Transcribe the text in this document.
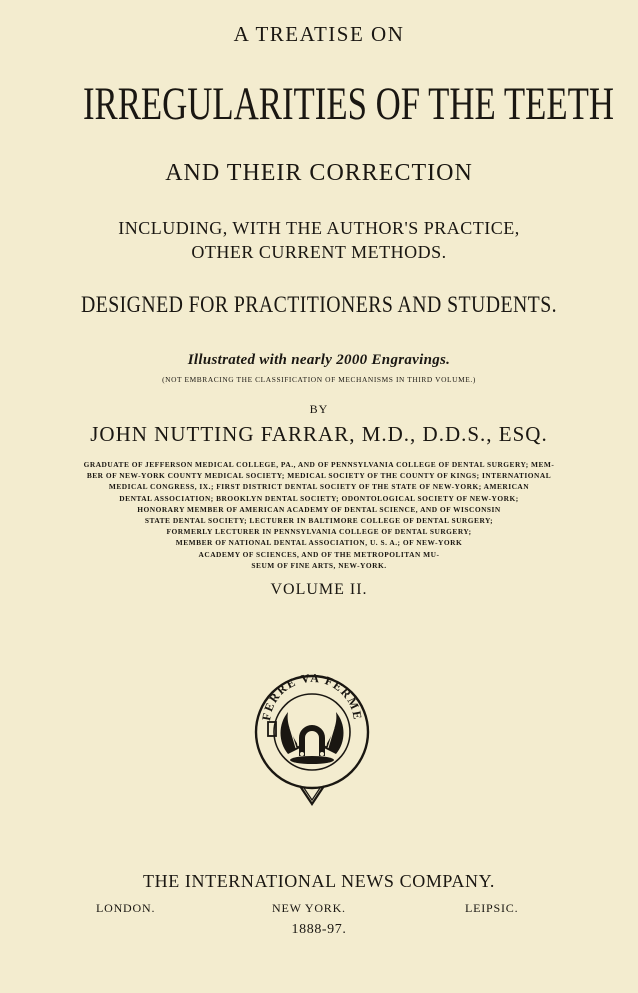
A TREATISE ON
IRREGULARITIES OF THE TEETH
AND THEIR CORRECTION
INCLUDING, WITH THE AUTHOR'S PRACTICE,
OTHER CURRENT METHODS.
DESIGNED FOR PRACTITIONERS AND STUDENTS.
Illustrated with nearly 2000 Engravings.
(NOT EMBRACING THE CLASSIFICATION OF MECHANISMS IN THIRD VOLUME.)
BY
JOHN NUTTING FARRAR, M.D., D.D.S., ESQ.
GRADUATE OF JEFFERSON MEDICAL COLLEGE, PA., AND OF PENNSYLVANIA COLLEGE OF DENTAL SURGERY; MEM-
BER OF NEW-YORK COUNTY MEDICAL SOCIETY; MEDICAL SOCIETY OF THE COUNTY OF KINGS; INTERNATIONAL
MEDICAL CONGRESS, IX.; FIRST DISTRICT DENTAL SOCIETY OF THE STATE OF NEW-YORK; AMERICAN
DENTAL ASSOCIATION; BROOKLYN DENTAL SOCIETY; ODONTOLOGICAL SOCIETY OF NEW-YORK;
HONORARY MEMBER OF AMERICAN ACADEMY OF DENTAL SCIENCE, AND OF WISCONSIN
STATE DENTAL SOCIETY; LECTURER IN BALTIMORE COLLEGE OF DENTAL SURGERY;
FORMERLY LECTURER IN PENNSYLVANIA COLLEGE OF DENTAL SURGERY;
MEMBER OF NATIONAL DENTAL ASSOCIATION, U. S. A.; OF NEW-YORK
ACADEMY OF SCIENCES, AND OF THE METROPOLITAN MU-
SEUM OF FINE ARTS, NEW-YORK.
VOLUME II.
FERRE VA FERME
THE INTERNATIONAL NEWS COMPANY.
LONDON.	NEW YORK.	LEIPSIC.
1888-97.
